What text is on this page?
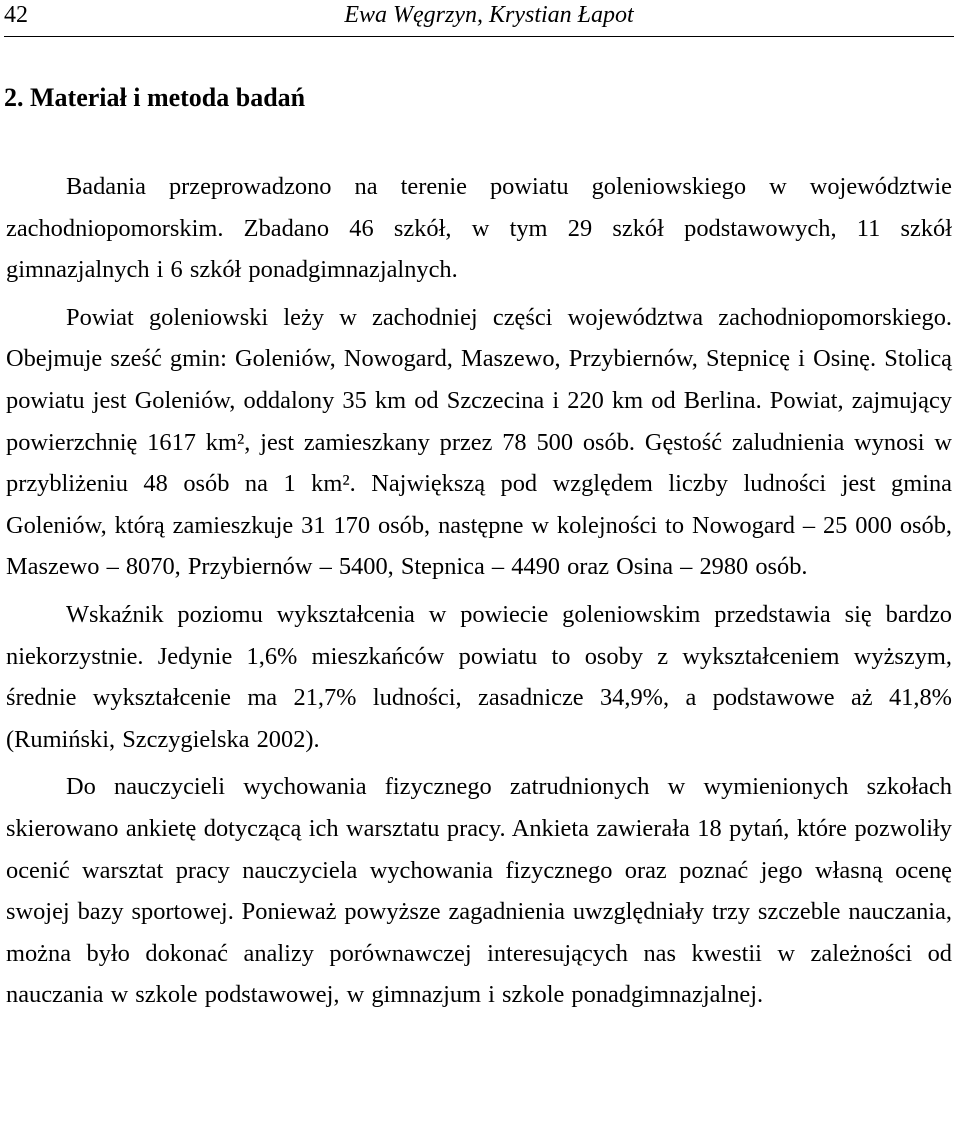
42	Ewa Węgrzyn, Krystian Łapot
2. Materiał i metoda badań

Badania przeprowadzono na terenie powiatu goleniowskiego w województwie zachodniopomorskim. Zbadano 46 szkół, w tym 29 szkół podstawowych, 11 szkół gimnazjalnych i 6 szkół ponadgimnazjalnych.

Powiat goleniowski leży w zachodniej części województwa zachodniopomorskiego. Obejmuje sześć gmin: Goleniów, Nowogard, Maszewo, Przybiernów, Stepnicę i Osinę. Stolicą powiatu jest Goleniów, oddalony 35 km od Szczecina i 220 km od Berlina. Powiat, zajmujący powierzchnię 1617 km², jest zamieszkany przez 78 500 osób. Gęstość zaludnienia wynosi w przybliżeniu 48 osób na 1 km². Największą pod względem liczby ludności jest gmina Goleniów, którą zamieszkuje 31 170 osób, następne w kolejności to Nowogard – 25 000 osób, Maszewo – 8070, Przybiernów – 5400, Stepnica – 4490 oraz Osina – 2980 osób.

Wskaźnik poziomu wykształcenia w powiecie goleniowskim przedstawia się bardzo niekorzystnie. Jedynie 1,6% mieszkańców powiatu to osoby z wykształceniem wyższym, średnie wykształcenie ma 21,7% ludności, zasadnicze 34,9%, a podstawowe aż 41,8% (Rumiński, Szczygielska 2002).

Do nauczycieli wychowania fizycznego zatrudnionych w wymienionych szkołach skierowano ankietę dotyczącą ich warsztatu pracy. Ankieta zawierała 18 pytań, które pozwoliły ocenić warsztat pracy nauczyciela wychowania fizycznego oraz poznać jego własną ocenę swojej bazy sportowej. Ponieważ powyższe zagadnienia uwzględniały trzy szczeble nauczania, można było dokonać analizy porównawczej interesujących nas kwestii w zależności od nauczania w szkole podstawowej, w gimnazjum i szkole ponadgimnazjalnej.
